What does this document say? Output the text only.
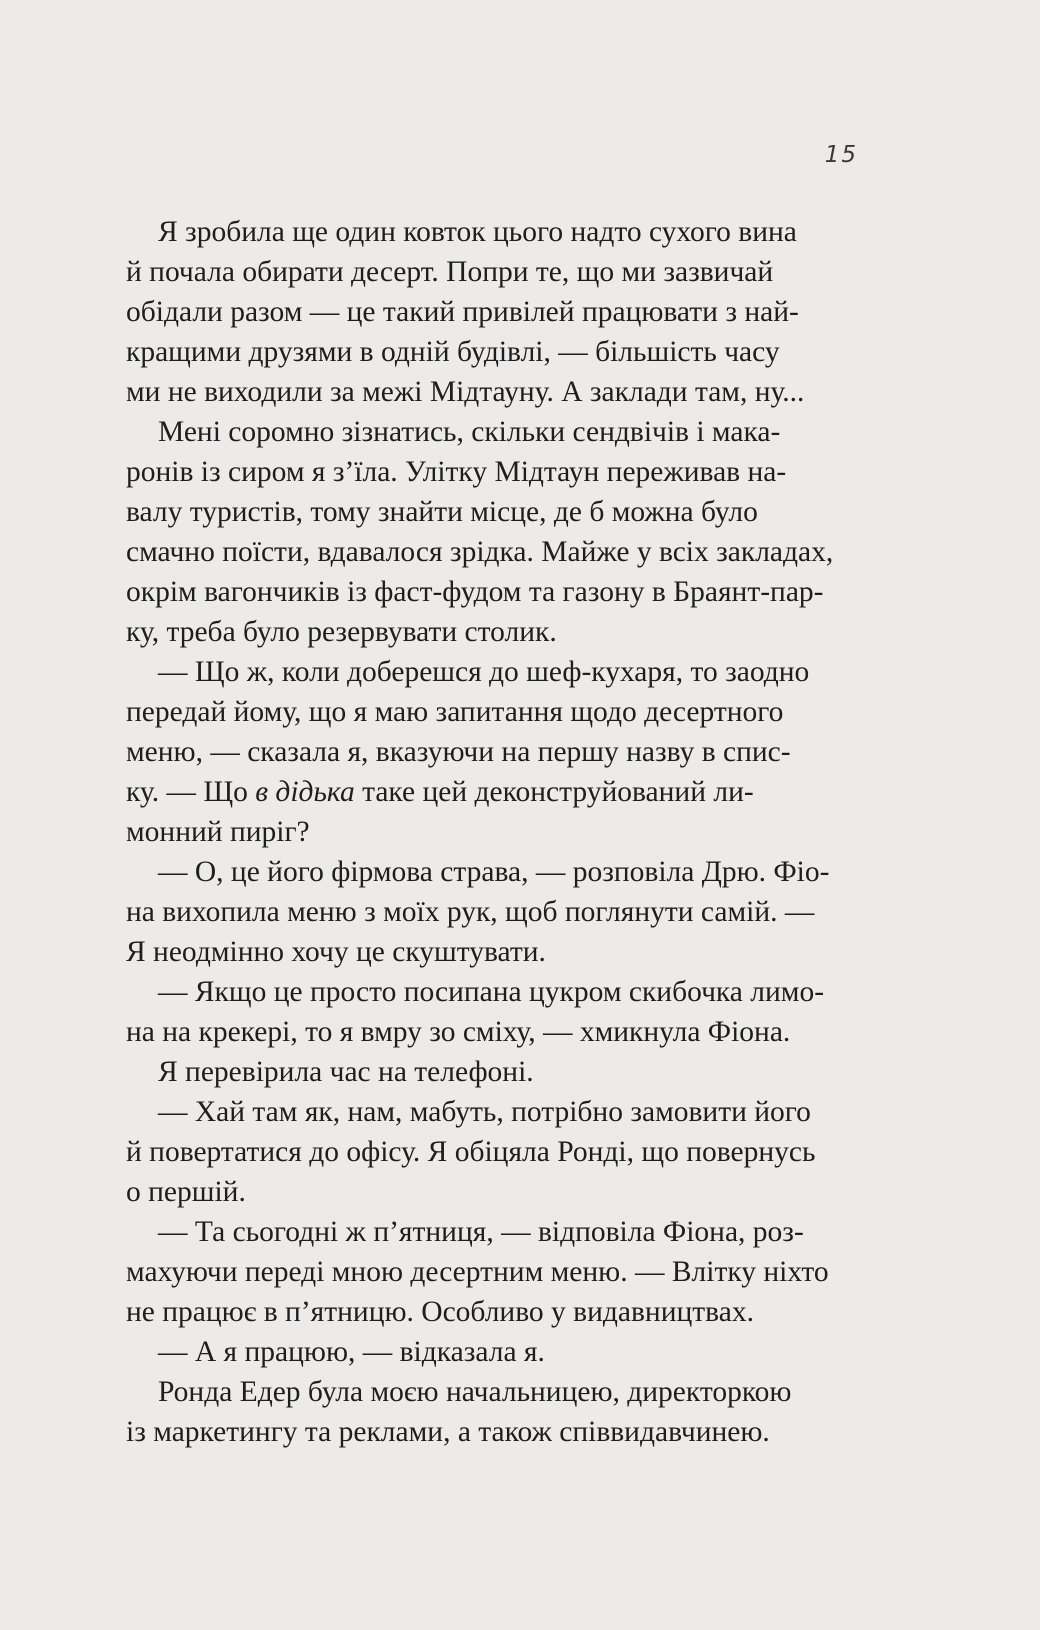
15
Я зробила ще один ковток цього надто сухого вина
й почала обирати десерт. Попри те, що ми зазвичай
обідали разом — це такий привілей працювати з най-
кращими друзями в одній будівлі, — більшість часу
ми не виходили за межі Мідтауну. А заклади там, ну...
Мені соромно зізнатись, скільки сендвічів і мака-
ронів із сиром я з’їла. Улітку Мідтаун переживав на-
валу туристів, тому знайти місце, де б можна було
смачно поїсти, вдавалося зрідка. Майже у всіх закладах,
окрім вагончиків із фаст-фудом та газону в Браянт-пар-
ку, треба було резервувати столик.
— Що ж, коли доберешся до шеф-кухаря, то заодно
передай йому, що я маю запитання щодо десертного
меню, — сказала я, вказуючи на першу назву в спис-
ку. — Що в дідька таке цей деконструйований ли-
монний пиріг?
— О, це його фірмова страва, — розповіла Дрю. Фіо-
на вихопила меню з моїх рук, щоб поглянути самій. —
Я неодмінно хочу це скуштувати.
— Якщо це просто посипана цукром скибочка лимо-
на на крекері, то я вмру зо сміху, — хмикнула Фіона.
Я перевірила час на телефоні.
— Хай там як, нам, мабуть, потрібно замовити його
й повертатися до офісу. Я обіцяла Ронді, що повернусь
о першій.
— Та сьогодні ж п’ятниця, — відповіла Фіона, роз-
махуючи переді мною десертним меню. — Влітку ніхто
не працює в п’ятницю. Особливо у видавництвах.
— А я працюю, — відказала я.
Ронда Едер була моєю начальницею, директоркою
із маркетингу та реклами, а також співвидавчинею.
